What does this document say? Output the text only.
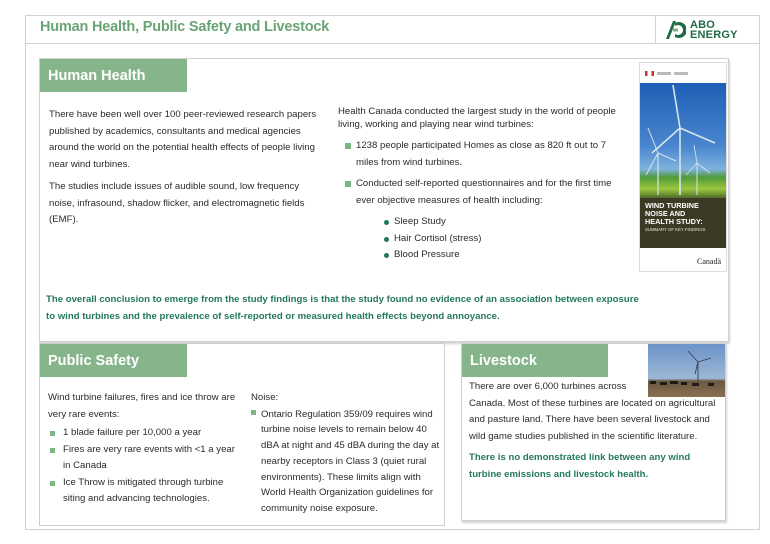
Human Health, Public Safety and Livestock	ABO
ENERGY
Human Health

There have been well over 100 peer-reviewed research papers published by academics, consultants and medical agencies around the world on the potential health effects of people living near wind turbines.

The studies include issues of audible sound, low frequency noise, infrasound, shadow flicker, and electromagnetic fields (EMF).

Health Canada conducted the largest study in the world of people living, working and playing near wind turbines:

1238 people participated Homes as close as 820 ft out to 7 miles from wind turbines.
Conducted self-reported questionnaires and for the first time ever objective measures of health including:
Sleep Study
Hair Cortisol (stress)
Blood Pressure
WIND TURBINE
NOISE AND
HEALTH STUDY:
SUMMARY OF KEY FINDINGS
Canadä
The overall conclusion to emerge from the study findings is that the study found no evidence of an association between exposure to wind turbines and the prevalence of self-reported or measured health effects beyond annoyance.
Public Safety

Wind turbine failures, fires and ice throw are very rare events:

1 blade failure per 10,000 a year
Fires are very rare events with <1 a year in Canada
Ice Throw is mitigated through turbine siting and advancing technologies.

Noise:

Ontario Regulation 359/09 requires wind turbine noise levels to remain below 40 dBA at night and 45 dBA during the day at nearby receptors in Class 3 (quiet rural environments). These limits align with World Health Organization guidelines for community noise exposure.
Livestock

There are over 6,000 turbines across

Canada. Most of these turbines are located on agricultural and pasture land. There have been several livestock and wild game studies published in the scientific literature.

There is no demonstrated link between any wind turbine emissions and livestock health.
